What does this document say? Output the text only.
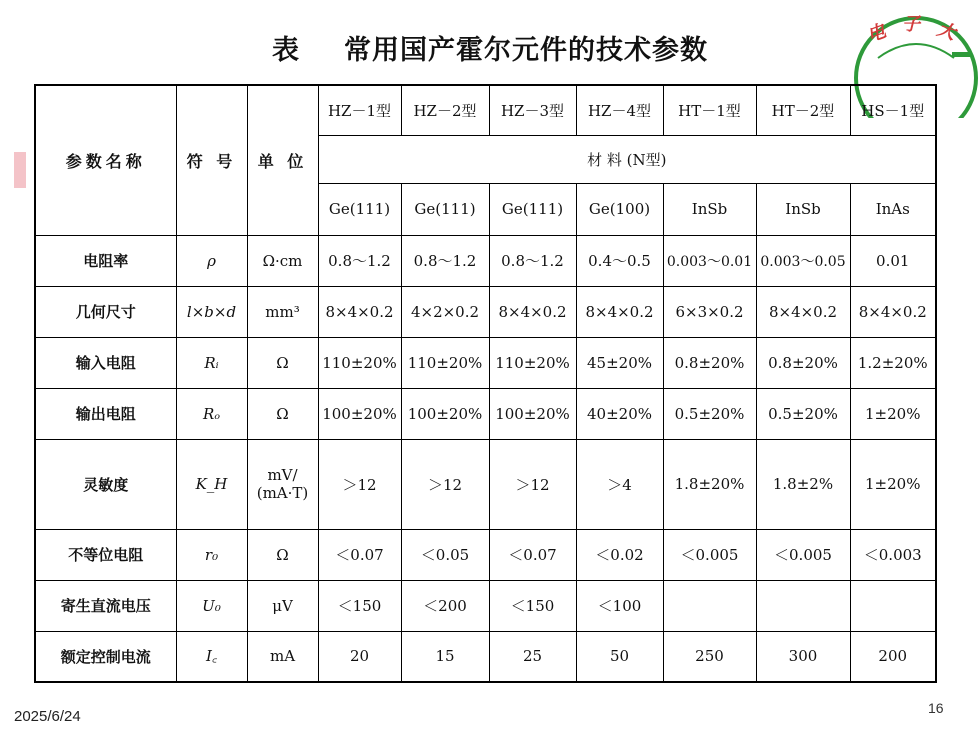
表 常用国产霍尔元件的技术参数
电 子 大
参数名称	符 号	单 位	HZ－1型	HZ－2型	HZ－3型	HZ－4型	HT－1型	HT－2型	HS－1型
			材 料 (N型)						
			Ge(111)	Ge(111)	Ge(111)	Ge(100)	InSb	InSb	InAs
电阻率	ρ	Ω·cm	0.8～1.2	0.8～1.2	0.8～1.2	0.4～0.5	0.003～0.01	0.003～0.05	0.01
几何尺寸	l×b×d	mm³	8×4×0.2	4×2×0.2	8×4×0.2	8×4×0.2	6×3×0.2	8×4×0.2	8×4×0.2
输入电阻	Rᵢ	Ω	110±20%	110±20%	110±20%	45±20%	0.8±20%	0.8±20%	1.2±20%
输出电阻	Rₒ	Ω	100±20%	100±20%	100±20%	40±20%	0.5±20%	0.5±20%	1±20%
灵敏度	K_H	mV/
(mA·T)	＞12	＞12	＞12	＞4	1.8±20%	1.8±2%	1±20%
不等位电阻	r₀	Ω	＜0.07	＜0.05	＜0.07	＜0.02	＜0.005	＜0.005	＜0.003
寄生直流电压	U₀	μV	＜150	＜200	＜150	＜100			
额定控制电流	I꜀	mA	20	15	25	50	250	300	200
2025/6/24	16
